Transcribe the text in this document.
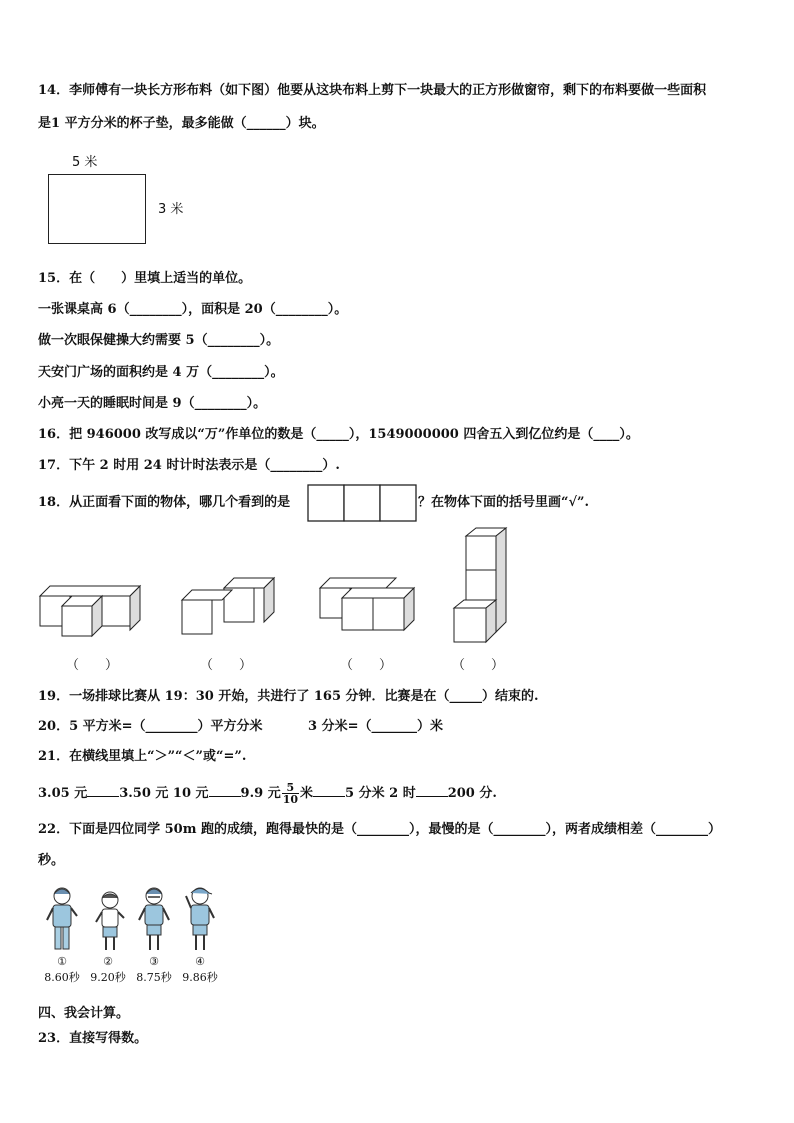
14．李师傅有一块长方形布料（如下图）他要从这块布料上剪下一块最大的正方形做窗帘，剩下的布料要做一些面积
是1 平方分米的杯子垫，最多能做（______）块。
5 米
3 米
15．在（　　）里填上适当的单位。
一张课桌高 6（________），面积是 20（________）。
做一次眼保健操大约需要 5（________）。
天安门广场的面积约是 4 万（________）。
小亮一天的睡眠时间是 9（________）。
16．把 946000 改写成以“万”作单位的数是（_____），1549000000 四舍五入到亿位约是（____）。
17．下午 2 时用 24 时计时法表示是（________）.
18．从正面看下面的物体，哪几个看到的是	？在物体下面的括号里画“√”.
（　　）	（　　）	（　　）	（　　）
19．一场排球比赛从 19：30 开始，共进行了 165 分钟．比赛是在（_____）结束的.
20．5 平方米=（________）平方分米	3 分米=（_______）米
21．在横线里填上“＞”“＜”或“=”.
3.05 元 3.50 元 10 元 9.9 元 $\frac{5}{10}$ 米 5 分米 2 时 200 分.
22．下面是四位同学 50m 跑的成绩，跑得最快的是（________），最慢的是（________），两者成绩相差（________）
秒。
①	②	③	④
8.60秒 9.20秒 8.75秒 9.86秒
四、我会计算。
23．直接写得数。
